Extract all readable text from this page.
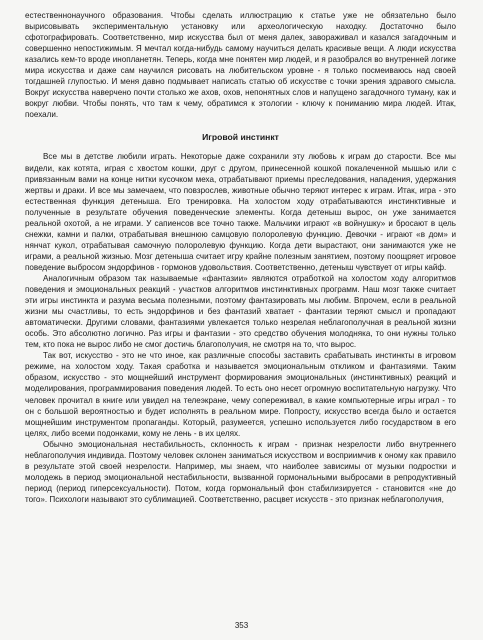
естественнонаучного образования. Чтобы сделать иллюстрацию к статье уже не обязательно было вырисовывать экспериментальную установку или археологическую находку. Достаточно было сфотографировать. Соответственно, мир искусства был от меня далек, завораживал и казался загадочным и совершенно непостижимым. Я мечтал когда-нибудь самому научиться делать красивые вещи. А люди искусства казались кем-то вроде инопланетян. Теперь, когда мне понятен мир людей, и я разобрался во внутренней логике мира искусства и даже сам научился рисовать на любительском уровне - я только посмеиваюсь над своей тогдашней глупостью. И меня давно подмывает написать статью об искусстве с точки зрения здравого смысла. Вокруг искусства наверчено почти столько же ахов, охов, непонятных слов и напущено загадочного туману, как и вокруг любви. Чтобы понять, что там к чему, обратимся к этологии - ключу к пониманию мира людей. Итак, поехали.

Игровой инстинкт

Все мы в детстве любили играть. Некоторые даже сохранили эту любовь к играм до старости. Все мы видели, как котята, играя с хвостом кошки, друг с другом, принесенной кошкой покалеченной мышью или с привязанным вами на конце нитки кусочком меха, отрабатывают приемы преследования, нападения, удержания жертвы и драки. И все мы замечаем, что повзрослев, животные обычно теряют интерес к играм. Итак, игра - это естественная функция детеныша. Его тренировка. На холостом ходу отрабатываются инстинктивные и полученные в результате обучения поведенческие элементы. Когда детеныш вырос, он уже занимается реальной охотой, а не играми. У сапиенсов все точно также. Мальчики играют «в войнушку» и бросают в цель снежки, камни и палки, отрабатывая внешнюю самцовую полоролевую функцию. Девочки - играют «в дом» и нянчат кукол, отрабатывая самочную полоролевую функцию. Когда дети вырастают, они занимаются уже не играми, а реальной жизнью. Мозг детеныша считает игру крайне полезным занятием, поэтому поощряет игровое поведение выбросом эндорфинов - гормонов удовольствия. Соответственно, детеныш чувствует от игры кайф.

Аналогичным образом так называемые «фантазии» являются отработкой на холостом ходу алгоритмов поведения и эмоциональных реакций - участков алгоритмов инстинктивных программ. Наш мозг также считает эти игры инстинкта и разума весьма полезными, поэтому фантазировать мы любим. Впрочем, если в реальной жизни мы счастливы, то есть эндорфинов и без фантазий хватает - фантазии теряют смысл и пропадают автоматически. Другими словами, фантазиями увлекается только незрелая неблагополучная в реальной жизни особь. Это абсолютно логично. Раз игры и фантазии - это средство обучения молодняка, то они нужны только тем, кто пока не вырос либо не смог достичь благополучия, не смотря на то, что вырос.

Так вот, искусство - это не что иное, как различные способы заставить срабатывать инстинкты в игровом режиме, на холостом ходу. Такая сработка и называется эмоциональным откликом и фантазиями. Таким образом, искусство - это мощнейший инструмент формирования эмоциональных (инстинктивных) реакций и моделирования, программирования поведения людей. То есть оно несет огромную воспитательную нагрузку. Что человек прочитал в книге или увидел на телеэкране, чему сопереживал, в какие компьютерные игры играл - то он с большой вероятностью и будет исполнять в реальном мире. Попросту, искусство всегда было и остается мощнейшим инструментом пропаганды. Который, разумеется, успешно используется либо государством в его целях, либо всеми подонками, кому не лень - в их целях.

Обычно эмоциональная нестабильность, склонность к играм - признак незрелости либо внутреннего неблагополучия индивида. Поэтому человек склонен заниматься искусством и восприимчив к оному как правило в результате этой своей незрелости. Например, мы знаем, что наиболее зависимы от музыки подростки и молодежь в период эмоциональной нестабильности, вызванной гормональными выбросами в репродуктивный период (период гиперсексуальности). Потом, когда гормональный фон стабилизируется - становится «не до того». Психологи называют это сублимацией. Соответственно, расцвет искусств - это признак неблагополучия,

353
